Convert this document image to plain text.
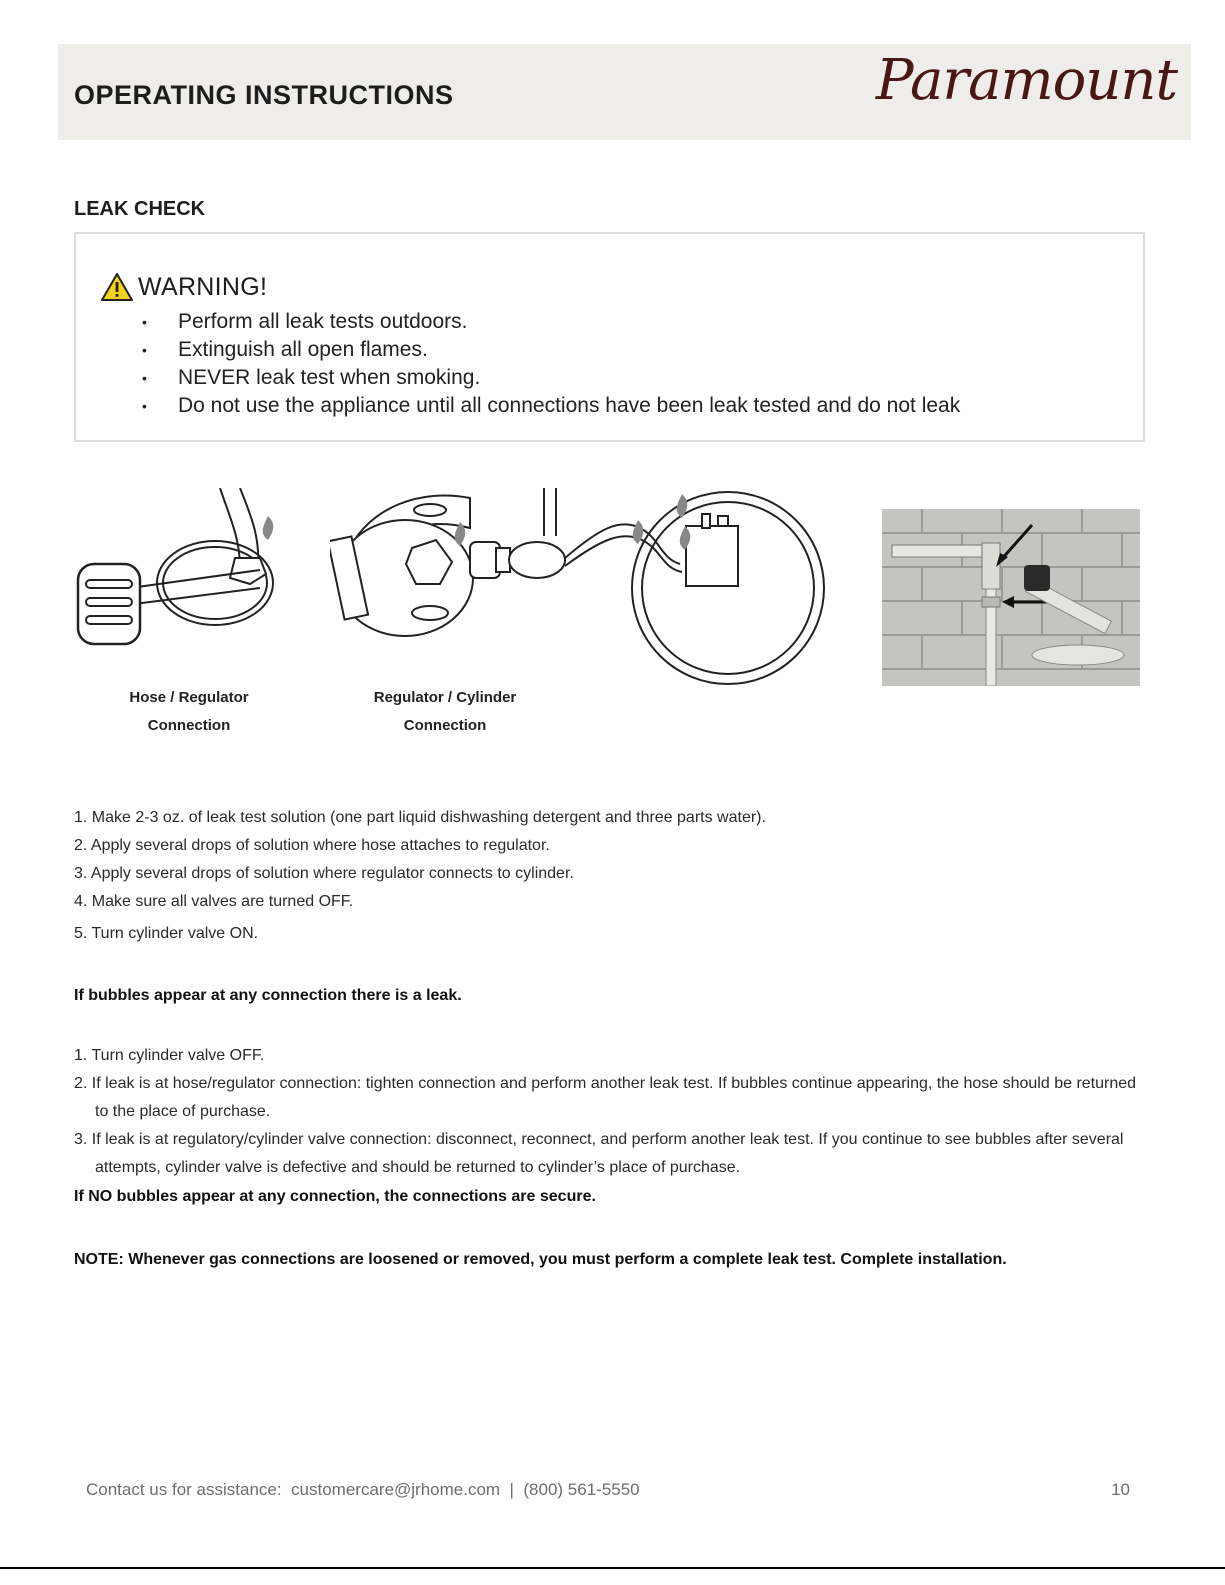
OPERATING INSTRUCTIONS	Paramount
LEAK CHECK
WARNING!
• Perform all leak tests outdoors.
• Extinguish all open flames.
• NEVER leak test when smoking.
• Do not use the appliance until all connections have been leak tested and do not leak
Hose / Regulator
Connection
Regulator / Cylinder
Connection
1. Make 2-3 oz. of leak test solution (one part liquid dishwashing detergent and three parts water).
2. Apply several drops of solution where hose attaches to regulator.
3. Apply several drops of solution where regulator connects to cylinder.
4. Make sure all valves are turned OFF.
5. Turn cylinder valve ON.
If bubbles appear at any connection there is a leak.
1. Turn cylinder valve OFF.
2. If leak is at hose/regulator connection: tighten connection and perform another leak test. If bubbles continue appearing, the hose should be returned to the place of purchase.
3. If leak is at regulatory/cylinder valve connection: disconnect, reconnect, and perform another leak test. If you continue to see bubbles after several attempts, cylinder valve is defective and should be returned to cylinder’s place of purchase.
If NO bubbles appear at any connection, the connections are secure.
NOTE: Whenever gas connections are loosened or removed, you must perform a complete leak test. Complete installation.
Contact us for assistance:  customercare@jrhome.com  |  (800) 561-5550	10
